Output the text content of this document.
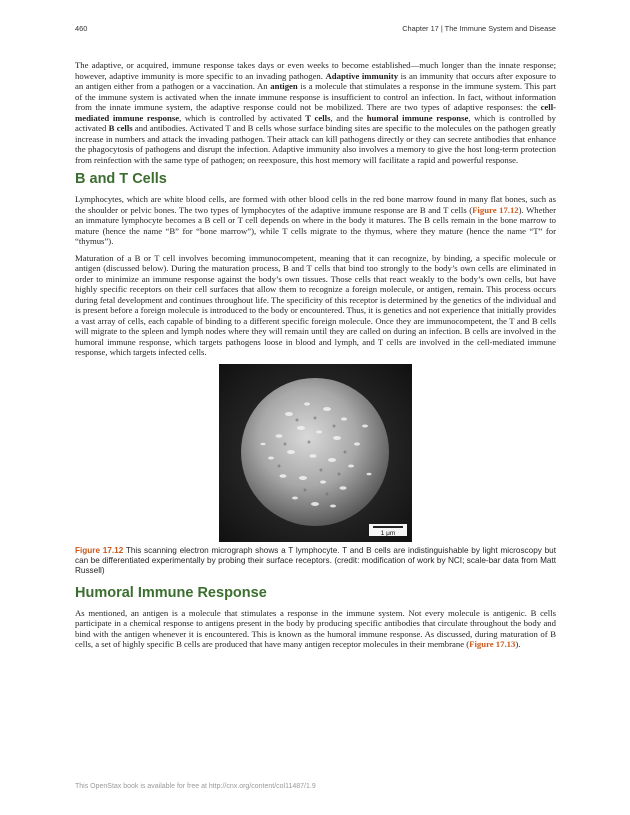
460	Chapter 17 | The Immune System and Disease

The adaptive, or acquired, immune response takes days or even weeks to become established—much longer than the innate response; however, adaptive immunity is more specific to an invading pathogen. Adaptive immunity is an immunity that occurs after exposure to an antigen either from a pathogen or a vaccination. An antigen is a molecule that stimulates a response in the immune system. This part of the immune system is activated when the innate immune response is insufficient to control an infection. In fact, without information from the innate immune system, the adaptive response could not be mobilized. There are two types of adaptive responses: the cell-mediated immune response, which is controlled by activated T cells, and the humoral immune response, which is controlled by activated B cells and antibodies. Activated T and B cells whose surface binding sites are specific to the molecules on the pathogen greatly increase in numbers and attack the invading pathogen. Their attack can kill pathogens directly or they can secrete antibodies that enhance the phagocytosis of pathogens and disrupt the infection. Adaptive immunity also involves a memory to give the host long-term protection from reinfection with the same type of pathogen; on reexposure, this host memory will facilitate a rapid and powerful response.

B and T Cells

Lymphocytes, which are white blood cells, are formed with other blood cells in the red bone marrow found in many flat bones, such as the shoulder or pelvic bones. The two types of lymphocytes of the adaptive immune response are B and T cells (Figure 17.12). Whether an immature lymphocyte becomes a B cell or T cell depends on where in the body it matures. The B cells remain in the bone marrow to mature (hence the name “B” for “bone marrow”), while T cells migrate to the thymus, where they mature (hence the name “T” for “thymus”).

Maturation of a B or T cell involves becoming immunocompetent, meaning that it can recognize, by binding, a specific molecule or antigen (discussed below). During the maturation process, B and T cells that bind too strongly to the body’s own cells are eliminated in order to minimize an immune response against the body’s own tissues. Those cells that react weakly to the body’s own cells, but have highly specific receptors on their cell surfaces that allow them to recognize a foreign molecule, or antigen, remain. This process occurs during fetal development and continues throughout life. The specificity of this receptor is determined by the genetics of the individual and is present before a foreign molecule is introduced to the body or encountered. Thus, it is genetics and not experience that initially provides a vast array of cells, each capable of binding to a different specific foreign molecule. Once they are immunocompetent, the T and B cells will migrate to the spleen and lymph nodes where they will remain until they are called on during an infection. B cells are involved in the humoral immune response, which targets pathogens loose in blood and lymph, and T cells are involved in the cell-mediated immune response, which targets infected cells.

1 μm

Figure 17.12 This scanning electron micrograph shows a T lymphocyte. T and B cells are indistinguishable by light microscopy but can be differentiated experimentally by probing their surface receptors. (credit: modification of work by NCI; scale-bar data from Matt Russell)

Humoral Immune Response

As mentioned, an antigen is a molecule that stimulates a response in the immune system. Not every molecule is antigenic. B cells participate in a chemical response to antigens present in the body by producing specific antibodies that circulate throughout the body and bind with the antigen whenever it is encountered. This is known as the humoral immune response. As discussed, during maturation of B cells, a set of highly specific B cells are produced that have many antigen receptor molecules in their membrane (Figure 17.13).

This OpenStax book is available for free at http://cnx.org/content/col11487/1.9
